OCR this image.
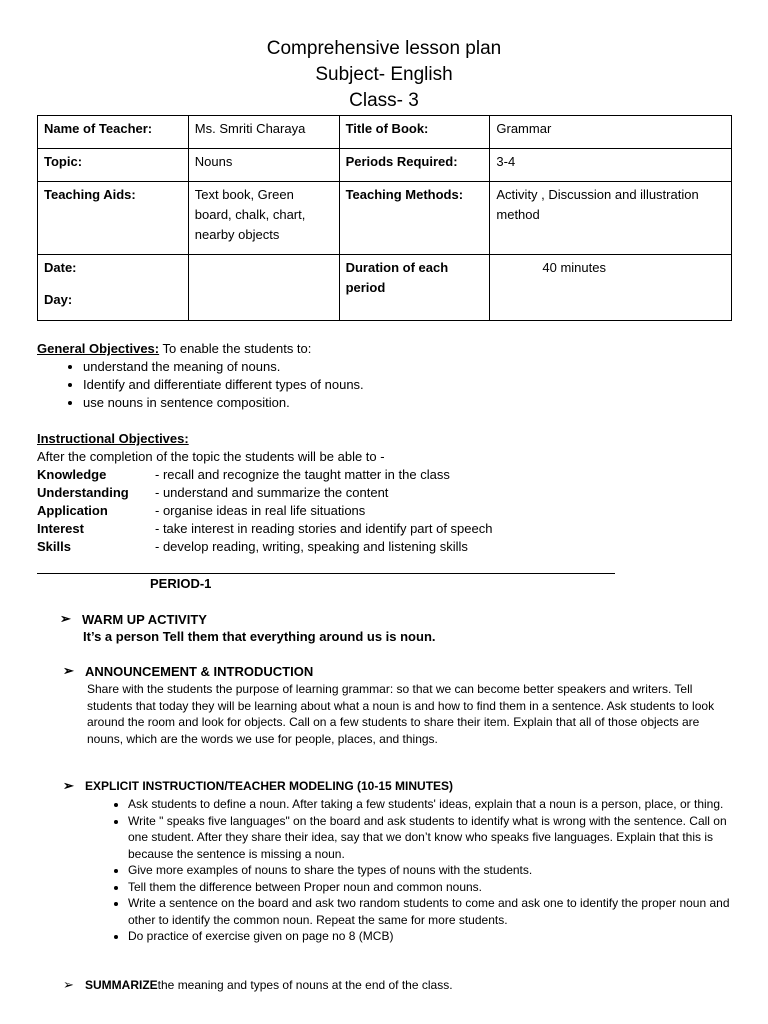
Comprehensive lesson plan
Subject- English
Class- 3
Name of Teacher:	Ms. Smriti Charaya	Title of Book:	Grammar
Topic:	Nouns	Periods Required:	3-4
Teaching Aids:	Text book, Green board, chalk, chart, nearby objects	Teaching Methods:	Activity , Discussion and illustration method

Date:
Day:		Duration of each period	40 minutes
General Objectives: To enable the students to:
• understand the meaning of nouns.
• Identify and differentiate different types of nouns.
• use nouns in sentence composition.
Instructional Objectives:
After the completion of the topic the students will be able to -
Knowledge	- recall and recognize the taught matter in the class
Understanding	- understand and summarize the content
Application	- organise ideas in real life situations
Interest	- take interest in reading stories and identify part of speech
Skills	- develop reading, writing, speaking and listening skills
PERIOD-1
➢ WARM UP ACTIVITY
It’s a person Tell them that everything around us is noun.
➢ ANNOUNCEMENT & INTRODUCTION
Share with the students the purpose of learning grammar: so that we can become better speakers and writers. Tell students that today they will be learning about what a noun is and how to find them in a sentence. Ask students to look around the room and look for objects. Call on a few students to share their item. Explain that all of those objects are nouns, which are the words we use for people, places, and things.
➢ EXPLICIT INSTRUCTION/TEACHER MODELING (10-15 MINUTES)
• Ask students to define a noun. After taking a few students' ideas, explain that a noun is a person, place, or thing.
• Write " speaks five languages" on the board and ask students to identify what is wrong with the sentence. Call on one student. After they share their idea, say that we don’t know who speaks five languages. Explain that this is because the sentence is missing a noun.
• Give more examples of nouns to share the types of nouns with the students.
• Tell them the difference between Proper noun and common nouns.
• Write a sentence on the board and ask two random students to come and ask one to identify the proper noun and other to identify the common noun. Repeat the same for more students.
• Do practice of exercise given on page no 8 (MCB)
➢ SUMMARIZE the meaning and types of nouns at the end of the class.
